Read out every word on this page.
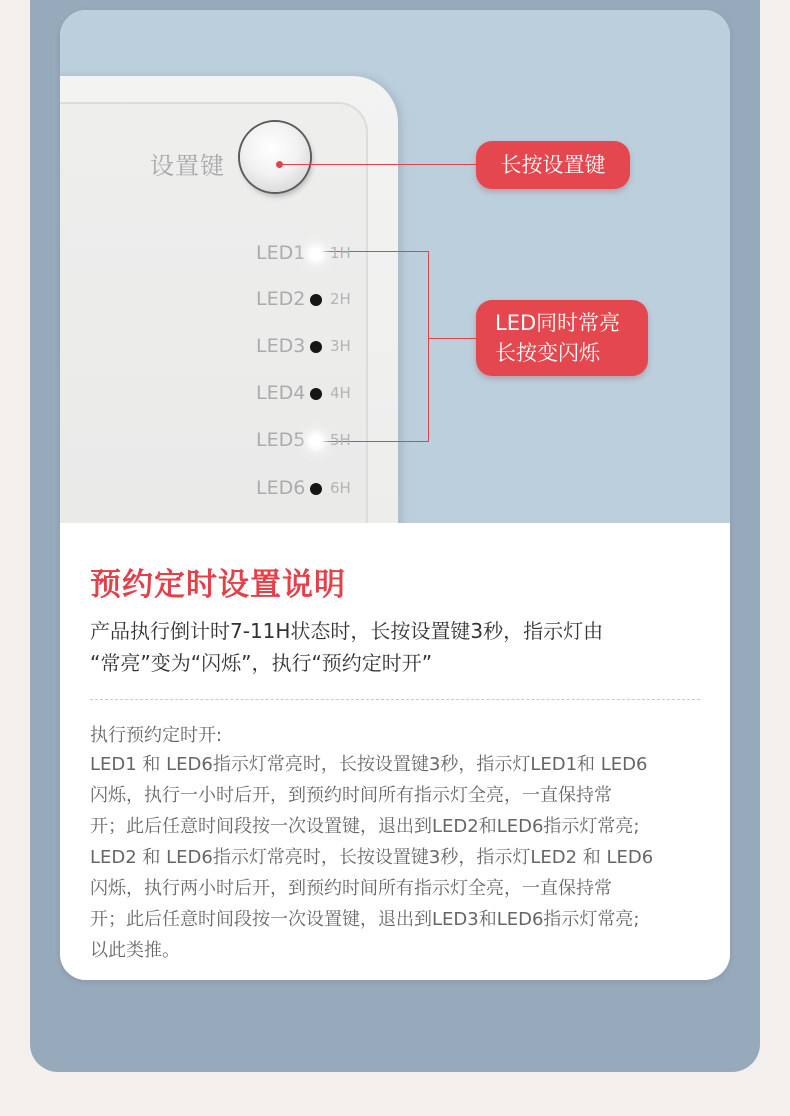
设置键
LED1 1H
LED2 2H
LED3 3H
LED4 4H
LED5 5H
LED6 6H
长按设置键
LED同时常亮
长按变闪烁
预约定时设置说明
产品执行倒计时7-11H状态时，长按设置键3秒，指示灯由
“常亮”变为“闪烁”，执行“预约定时开”
执行预约定时开:

LED1 和 LED6指示灯常亮时，长按设置键3秒，指示灯LED1和 LED6

闪烁，执行一小时后开，到预约时间所有指示灯全亮，一直保持常

开；此后任意时间段按一次设置键，退出到LED2和LED6指示灯常亮;

LED2 和 LED6指示灯常亮时，长按设置键3秒，指示灯LED2 和 LED6

闪烁，执行两小时后开，到预约时间所有指示灯全亮，一直保持常

开；此后任意时间段按一次设置键，退出到LED3和LED6指示灯常亮;

以此类推。
